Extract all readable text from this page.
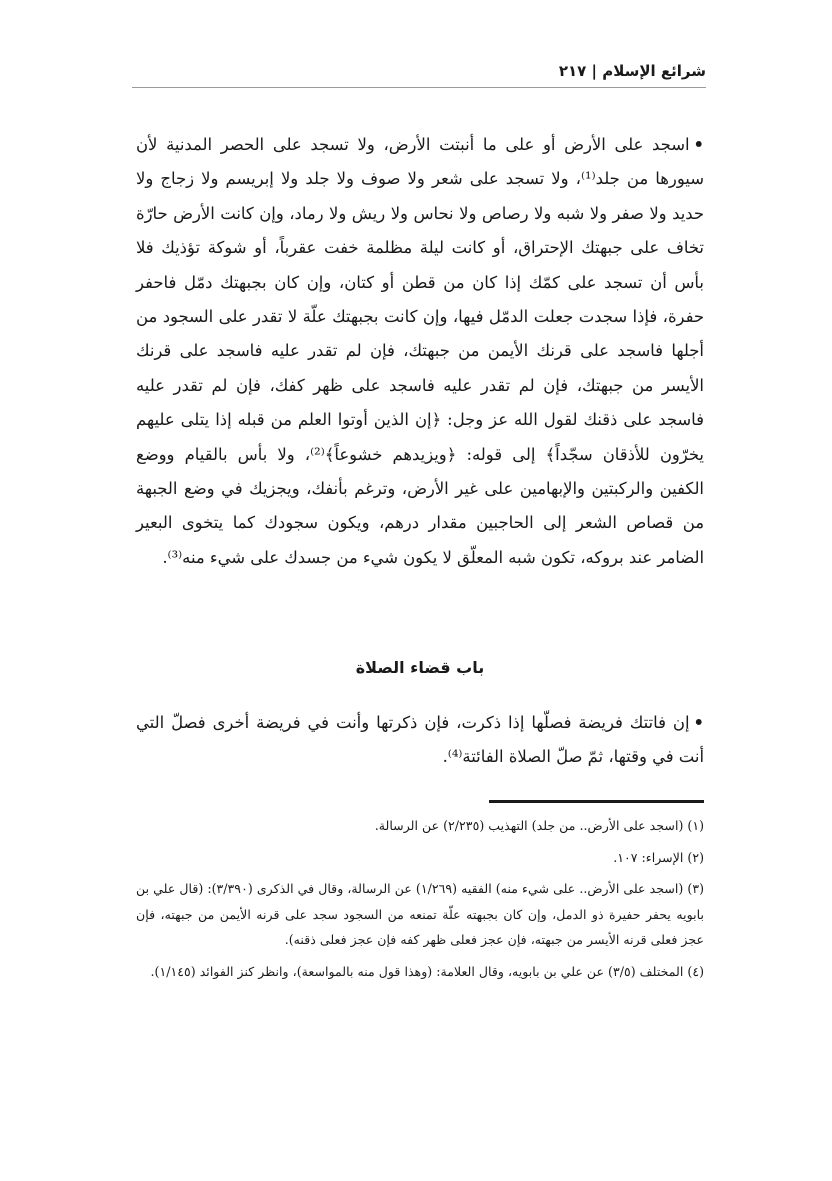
شرائع الإسلام | ٢١٧

•اسجد على الأرض أو على ما أنبتت الأرض، ولا تسجد على الحصر المدنية لأن سيورها من جلد⁽¹⁾، ولا تسجد على شعر ولا صوف ولا جلد ولا إبريسم ولا زجاج ولا حديد ولا صفر ولا شبه ولا رصاص ولا نحاس ولا ريش ولا رماد، وإن كانت الأرض حارّة تخاف على جبهتك الإحتراق، أو كانت ليلة مظلمة خفت عقرباً، أو شوكة تؤذيك فلا بأس أن تسجد على كمّك إذا كان من قطن أو كتان، وإن كان بجبهتك دمّل فاحفر حفرة، فإذا سجدت جعلت الدمّل فيها، وإن كانت بجبهتك علّة لا تقدر على السجود من أجلها فاسجد على قرنك الأيمن من جبهتك، فإن لم تقدر عليه فاسجد على قرنك الأيسر من جبهتك، فإن لم تقدر عليه فاسجد على ظهر كفك، فإن لم تقدر عليه فاسجد على ذقنك لقول الله عز وجل: ﴿إن الذين أوتوا العلم من قبله إذا يتلى عليهم يخرّون للأذقان سجّداً﴾ إلى قوله: ﴿ويزيدهم خشوعاً﴾⁽²⁾، ولا بأس بالقيام ووضع الكفين والركبتين والإبهامين على غير الأرض، وترغم بأنفك، ويجزيك في وضع الجبهة من قصاص الشعر إلى الحاجبين مقدار درهم، ويكون سجودك كما يتخوى البعير الضامر عند بروكه، تكون شبه المعلّق لا يكون شيء من جسدك على شيء منه⁽³⁾.

باب قضاء الصلاة

•إن فاتتك فريضة فصلّها إذا ذكرت، فإن ذكرتها وأنت في فريضة أخرى فصلّ التي أنت في وقتها، ثمّ صلّ الصلاة الفائتة⁽⁴⁾.

(١) (اسجد على الأرض.. من جلد) التهذيب (٢/٢٣٥) عن الرسالة.

(٢) الإسراء: ١٠٧.

(٣) (اسجد على الأرض.. على شيء منه) الفقيه (١/٢٦٩) عن الرسالة، وقال في الذكرى (٣/٣٩٠): (قال علي بن بابويه يحفر حفيرة ذو الدمل، وإن كان بجبهته علّة تمنعه من السجود سجد على قرنه الأيمن من جبهته، فإن عجز فعلى قرنه الأيسر من جبهته، فإن عجز فعلى ظهر كفه فإن عجز فعلى ذقنه).

(٤) المختلف (٣/٥) عن علي بن بابويه، وقال العلامة: (وهذا قول منه بالمواسعة)، وانظر كنز الفوائد (١/١٤٥).
